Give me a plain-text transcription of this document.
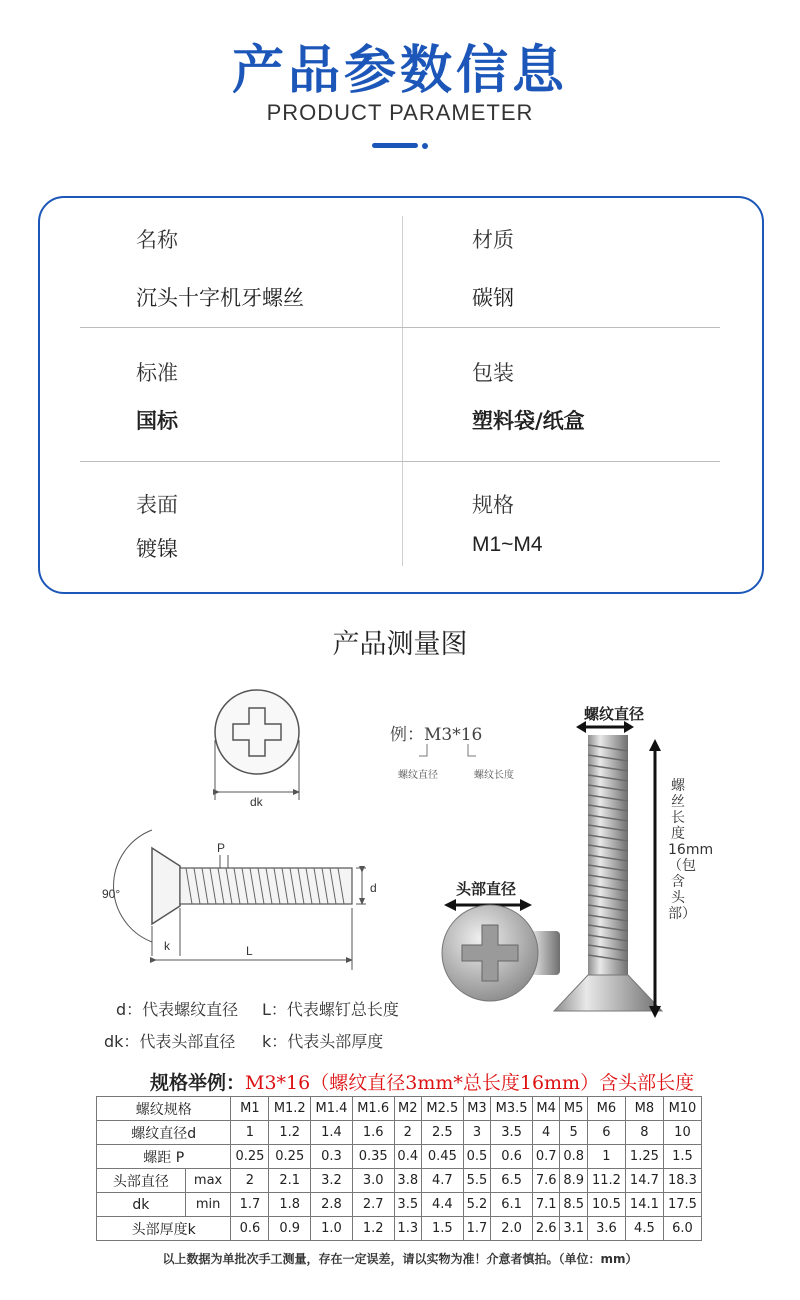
产品参数信息
PRODUCT PARAMETER
名称
沉头十字机牙螺丝
材质
碳钢
标准
国标
包装
塑料袋/纸盒
表面
镀镍
规格
M1~M4
产品测量图
dk
90°
P
d
k	L
例：M3*16
螺纹直径	螺纹长度
螺纹直径
头部直径
螺丝长度16mm（包含头部）
d：代表螺纹直径 L：代表螺钉总长度
dk：代表头部直径 k：代表头部厚度
规格举例：M3*16（螺纹直径3mm*总长度16mm）含头部长度
螺纹规格		M1	M1.2	M1.4	M1.6	M2	M2.5	M3	M3.5	M4	M5	M6	M8	M10
螺纹直径d		1	1.2	1.4	1.6	2	2.5	3	3.5	4	5	6	8	10
螺距 P		0.25	0.25	0.3	0.35	0.4	0.45	0.5	0.6	0.7	0.8	1	1.25	1.5
头部直径	max	2	2.1	3.2	3.0	3.8	4.7	5.5	6.5	7.6	8.9	11.2	14.7	18.3
dk	min	1.7	1.8	2.8	2.7	3.5	4.4	5.2	6.1	7.1	8.5	10.5	14.1	17.5
头部厚度k		0.6	0.9	1.0	1.2	1.3	1.5	1.7	2.0	2.6	3.1	3.6	4.5	6.0
以上数据为单批次手工测量，存在一定误差，请以实物为准！介意者慎拍。（单位：mm）
